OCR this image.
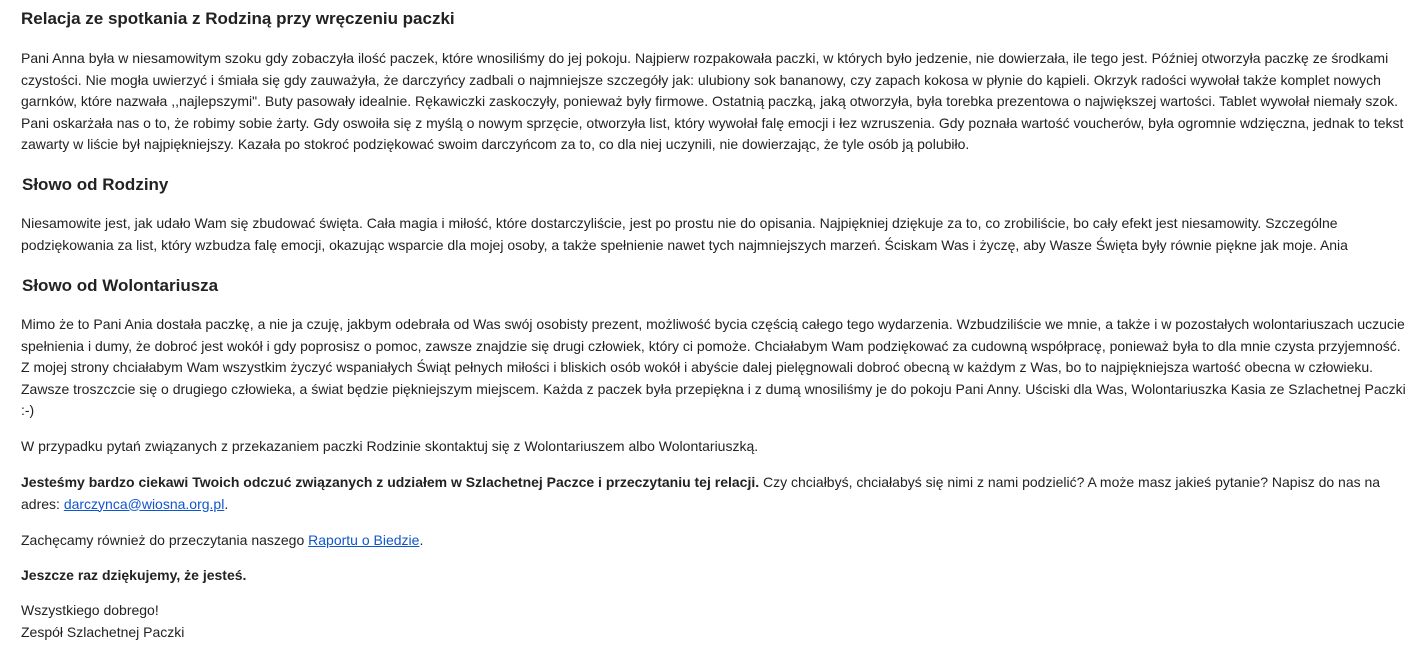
Relacja ze spotkania z Rodziną przy wręczeniu paczki

Pani Anna była w niesamowitym szoku gdy zobaczyła ilość paczek, które wnosiliśmy do jej pokoju. Najpierw rozpakowała paczki, w których było jedzenie, nie dowierzała, ile tego jest. Później otworzyła paczkę ze środkami czystości. Nie mogła uwierzyć i śmiała się gdy zauważyła, że darczyńcy zadbali o najmniejsze szczegóły jak: ulubiony sok bananowy, czy zapach kokosa w płynie do kąpieli. Okrzyk radości wywołał także komplet nowych garnków, które nazwała ,,najlepszymi". Buty pasowały idealnie. Rękawiczki zaskoczyły, ponieważ były firmowe. Ostatnią paczką, jaką otworzyła, była torebka prezentowa o największej wartości. Tablet wywołał niemały szok. Pani oskarżała nas o to, że robimy sobie żarty. Gdy oswoiła się z myślą o nowym sprzęcie, otworzyła list, który wywołał falę emocji i łez wzruszenia. Gdy poznała wartość voucherów, była ogromnie wdzięczna, jednak to tekst zawarty w liście był najpiękniejszy. Kazała po stokroć podziękować swoim darczyńcom za to, co dla niej uczynili, nie dowierzając, że tyle osób ją polubiło.

Słowo od Rodziny

Niesamowite jest, jak udało Wam się zbudować święta. Cała magia i miłość, które dostarczyliście, jest po prostu nie do opisania. Najpiękniej dziękuje za to, co zrobiliście, bo cały efekt jest niesamowity. Szczególne podziękowania za list, który wzbudza falę emocji, okazując wsparcie dla mojej osoby, a także spełnienie nawet tych najmniejszych marzeń. Ściskam Was i życzę, aby Wasze Święta były równie piękne jak moje. Ania

Słowo od Wolontariusza

Mimo że to Pani Ania dostała paczkę, a nie ja czuję, jakbym odebrała od Was swój osobisty prezent, możliwość bycia częścią całego tego wydarzenia. Wzbudziliście we mnie, a także i w pozostałych wolontariuszach uczucie spełnienia i dumy, że dobroć jest wokół i gdy poprosisz o pomoc, zawsze znajdzie się drugi człowiek, który ci pomoże. Chciałabym Wam podziękować za cudowną współpracę, ponieważ była to dla mnie czysta przyjemność. Z mojej strony chciałabym Wam wszystkim życzyć wspaniałych Świąt pełnych miłości i bliskich osób wokół i abyście dalej pielęgnowali dobroć obecną w każdym z Was, bo to najpiękniejsza wartość obecna w człowieku. Zawsze troszczcie się o drugiego człowieka, a świat będzie piękniejszym miejscem. Każda z paczek była przepiękna i z dumą wnosiliśmy je do pokoju Pani Anny. Uściski dla Was, Wolontariuszka Kasia ze Szlachetnej Paczki :-)

W przypadku pytań związanych z przekazaniem paczki Rodzinie skontaktuj się z Wolontariuszem albo Wolontariuszką.

Jesteśmy bardzo ciekawi Twoich odczuć związanych z udziałem w Szlachetnej Paczce i przeczytaniu tej relacji. Czy chciałbyś, chciałabyś się nimi z nami podzielić? A może masz jakieś pytanie? Napisz do nas na adres: darczynca@wiosna.org.pl.

Zachęcamy również do przeczytania naszego Raportu o Biedzie.

Jeszcze raz dziękujemy, że jesteś.

Wszystkiego dobrego!
Zespół Szlachetnej Paczki
